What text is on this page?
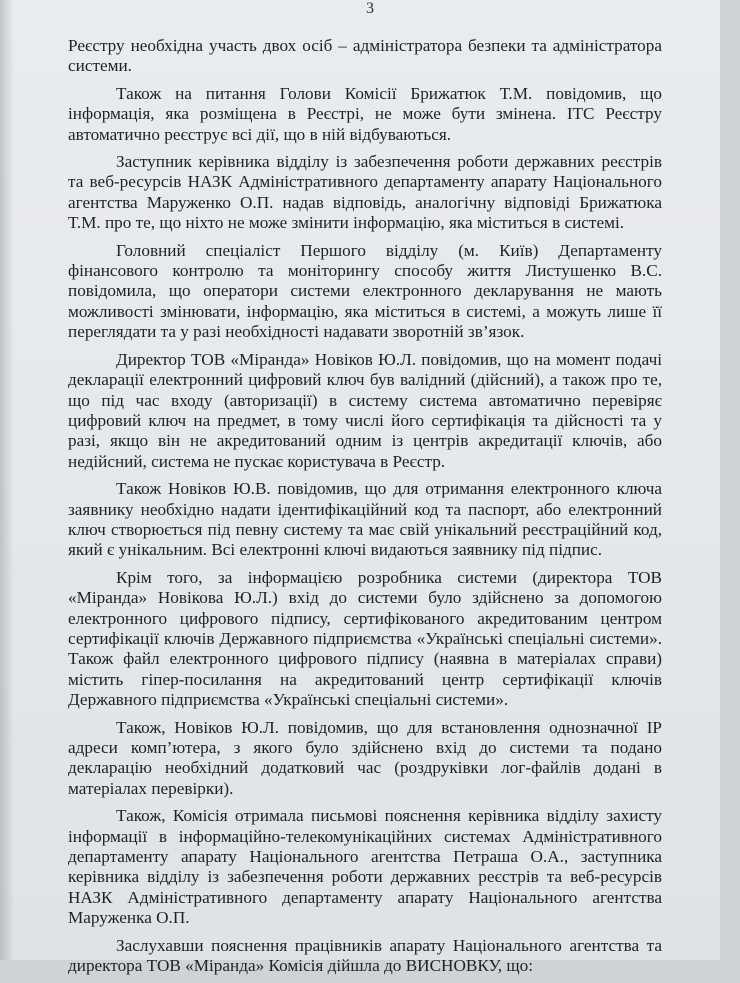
3

Реєстру необхідна участь двох осіб – адміністратора безпеки та адміністратора системи.

Також на питання Голови Комісії Брижатюк Т.М. повідомив, що інформація, яка розміщена в Реєстрі, не може бути змінена. ІТС Реєстру автоматично реєструє всі дії, що в ній відбуваються.

Заступник керівника відділу із забезпечення роботи державних реєстрів та веб-ресурсів НАЗК Адміністративного департаменту апарату Національного агентства Маруженко О.П. надав відповідь, аналогічну відповіді Брижатюка Т.М. про те, що ніхто не може змінити інформацію, яка міститься в системі.

Головний спеціаліст Першого відділу (м. Київ) Департаменту фінансового контролю та моніторингу способу життя Листушенко В.С. повідомила, що оператори системи електронного декларування не мають можливості змінювати, інформацію, яка міститься в системі, а можуть лише її переглядати та у разі необхідності надавати зворотній зв’язок.

Директор ТОВ «Міранда» Новіков Ю.Л. повідомив, що на момент подачі декларації електронний цифровий ключ був валідний (дійсний), а також про те, що під час входу (авторизації) в систему система автоматично перевіряє цифровий ключ на предмет, в тому числі його сертифікація та дійсності та у разі, якщо він не акредитований одним із центрів акредитації ключів, або недійсний, система не пускає користувача в Реєстр.

Також Новіков Ю.В. повідомив, що для отримання електронного ключа заявнику необхідно надати ідентифікаційний код та паспорт, або електронний ключ створюється під певну систему та має свій унікальний реєстраційний код, який є унікальним. Всі електронні ключі видаються заявнику під підпис.

Крім того, за інформацією розробника системи (директора ТОВ «Міранда» Новікова Ю.Л.) вхід до системи було здійснено за допомогою електронного цифрового підпису, сертифікованого акредитованим центром сертифікації ключів Державного підприємства «Українські спеціальні системи». Також файл електронного цифрового підпису (наявна в матеріалах справи) містить гіпер-посилання на акредитований центр сертифікації ключів Державного підприємства «Українські спеціальні системи».

Також, Новіков Ю.Л. повідомив, що для встановлення однозначної IP адреси комп’ютера, з якого було здійснено вхід до системи та подано декларацію необхідний додатковий час (роздруківки лог-файлів додані в матеріалах перевірки).

Також, Комісія отримала письмові пояснення керівника відділу захисту інформації в інформаційно-телекомунікаційних системах Адміністративного департаменту апарату Національного агентства Петраша О.А., заступника керівника відділу із забезпечення роботи державних реєстрів та веб-ресурсів НАЗК Адміністративного департаменту апарату Національного агентства Маруженка О.П.

Заслухавши пояснення працівників апарату Національного агентства та директора ТОВ «Міранда» Комісія дійшла до ВИСНОВКУ, що:
